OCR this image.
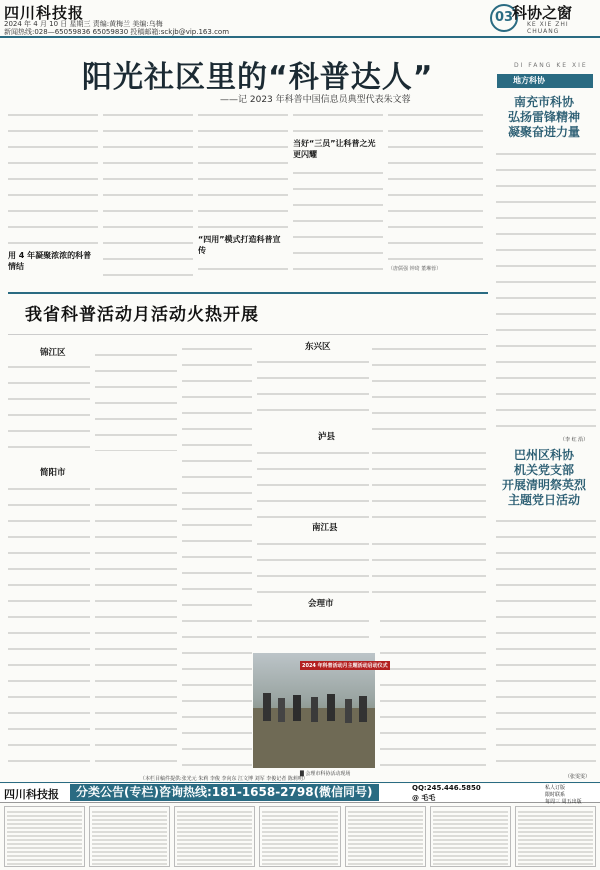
四川科技报
2024 年 4 月 10 日 星期三 责编:黄梅兰 美编:乌梅
新闻热线:028—65059836 65059830 投稿邮箱:sckjb@vip.163.com
03
科协之窗
KE XIE ZHI CHUANG
阳光社区里的“科普达人”
——记 2023 年科普中国信息员典型代表朱文蓉
用 4 年凝聚浓浓的科普情结
“四用”模式打造科普宣传
当好“三员”让科普之光更闪耀
（唐儒强 钟琦 董琳蓉）
DI FANG KE XIE
地方科协
南充市科协
弘扬雷锋精神
凝聚奋进力量
（李 红 沿）
巴州区科协
机关党支部
开展清明祭英烈
主题党日活动
（张雯雯）
我省科普活动月活动火热开展
锦江区
简阳市
东兴区
泸县
南江县
会理市
2024 年科普活动月主题活动启动仪式
█ 会理市科协活动现场
（本栏目稿件提供:张光元 朱莉 李俊 李向东 江文博 刘军 李俊记者 陈莉明）
四川科技报	分类公告(专栏)咨询热线:181-1658-2798(微信同号)	QQ:245.446.5850
@ 毛毛
私人订版
限时联系
每周三 周五出版
